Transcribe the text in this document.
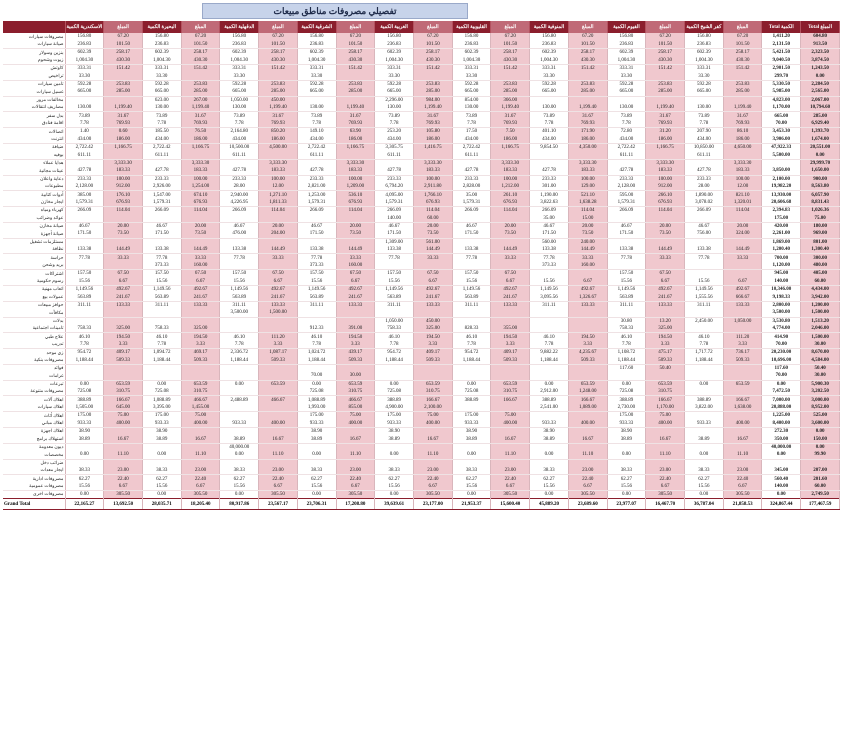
تفصيلي مصروفات مناطق مبيعات
	الاسكندرية الكمية	المبلغ	البحيرة الكمية	المبلغ	الدقهلية الكمية	المبلغ	الشرقية الكمية	المبلغ	الغربية الكمية	المبلغ	القليوبية الكمية	المبلغ	المنوفية الكمية	المبلغ	الفيوم الكمية	المبلغ	كفر الشيخ الكمية	المبلغ	Total الكمية	Total المبلغ
مصروفات سيارات	156.80	67.20	156.80	67.20	156.80	67.20	156.80	67.20	156.80	67.20	156.80	67.20	156.80	67.20	156.80	67.20	156.80	67.20	1,411.20	604.80
صيانة سيارات	236.83	101.50	236.83	101.50	236.83	101.50	236.83	101.50	236.83	101.50	236.83	101.50	236.83	101.50	236.83	101.50	236.83	101.50	2,131.50	913.50
بنزين وسولار	602.39	258.17	602.39	258.17	602.39	258.17	602.39	258.17	602.39	258.17	602.39	258.17	602.39	258.17	602.39	258.17	602.39	258.17	5,421.50	2,323.50
زيوت وشحوم	1,004.30	430.30	1,004.30	430.30	1,004.30	430.30	1,004.30	430.30	1,004.30	430.30	1,004.30	430.30	1,004.30	430.30	1,004.30	430.30	1,004.30	430.30	9,040.50	3,874.50
كاوتش	333.31	151.42	333.31	151.42	333.31	151.42	333.31	151.42	333.31	151.42	333.31	151.42	333.31	151.42	333.31	151.42	333.31	151.42	2,901.50	1,243.50
تراخيص	33.30		33.30		33.30		33.30		33.30		33.30		33.30		33.30		33.30		299.70	0.00
تأمين سيارات	592.28	253.83	592.28	253.83	592.28	253.83	592.28	253.83	592.28	253.83	592.28	253.83	592.28	253.83	592.28	253.83	592.28	253.83	5,330.50	2,284.50
غسيل سيارات	665.00	285.00	665.00	285.00	665.00	285.00	665.00	285.00	665.00	285.00	665.00	285.00	665.00	285.00	665.00	285.00	665.00	285.00	5,985.00	2,565.00
مخالفات مرور			623.00	267.00	1,050.00	450.00			2,296.00	984.00	854.00	366.00							4,823.00	2,067.00
مصاريف انتقالات	130.00	1,199.40	130.00	1,199.40	130.00	1,199.40	130.00	1,199.40	130.00	1,199.40	130.00	1,199.40	130.00	1,199.40	130.00	1,199.40	130.00	1,199.40	1,170.00	10,794.60
بدل سفر	73.89	31.67	73.89	31.67	73.89	31.67	73.89	31.67	73.89	31.67	73.89	31.67	73.89	31.67	73.89	31.67	73.89	31.67	665.00	285.00
اقامة فنادق	7.78	769.93	7.78	769.93	7.78	769.93	7.78	769.93	7.78	769.93	7.78	769.93	7.78	769.93	7.78	769.93	7.78	769.93	70.00	6,929.40
اتصالات	1.40	0.60	185.50	76.50	2,164.80	850.20	149.10	63.90	253.20	105.80	17.50	7.50	401.10	171.90	72.80	31.20	207.90	86.10	3,453.30	1,393.70
انترنت	434.00	186.00	434.00	186.00	434.00	186.00	434.00	186.00	434.00	186.00	434.00	186.00	434.00	186.00	434.00	186.00	434.00	186.00	3,906.00	1,674.00
ضيافة	2,722.42	1,166.75	2,722.42	1,166.75	10,500.00	4,500.00	2,722.42	1,166.75	3,305.75	1,416.75	2,722.42	1,166.75	9,854.50	4,350.00	2,722.42	1,166.75	10,850.00	4,650.00	47,922.33	20,551.00
بوفيه	611.11		611.11		611.11		611.11		611.11		611.11				611.11		611.11		5,500.00	0.00
هدايا عملاء		3,333.30		3,333.30		3,333.30		3,333.30		3,333.30		3,333.30		3,333.30		3,333.30		3,333.30		29,999.70
عينات مجانية	427.78	183.33	427.78	183.33	427.78	183.33	427.78	183.33	427.78	183.33	427.78	183.33	427.78	183.33	427.78	183.33	427.78	183.33	3,850.00	1,650.00
دعاية واعلان	233.33	100.00	233.33	100.00	233.33	100.00	233.33	100.00	233.33	100.00	233.33	100.00	233.33	100.00	233.33	100.00	233.33	100.00	2,100.00	900.00
مطبوعات	2,128.00	912.00	2,926.00	1,254.00	28.00	12.00	2,821.00	1,209.00	6,794.20	2,911.80	2,828.00	1,212.00	301.00	129.00	2,128.00	912.00	28.00	12.00	19,982.20	8,563.80
أدوات كتابية	385.00	176.10	1,547.00	674.10	2,940.00	1,271.10	1,253.00	536.10	4,095.00	1,766.10	35.00	261.10	1,190.00	521.10	595.00	266.10	1,890.00	821.10	13,930.00	6,057.90
ايجار مخازن	1,579.31	676.93	1,579.31	676.93	4,226.95	1,811.33	1,579.31	676.93	1,579.31	676.93	1,579.31	676.93	3,822.63	1,638.28	1,579.31	676.93	3,078.02	1,320.01	20,606.68	8,831.43
كهرباء ومياه	266.09	114.04	266.09	114.04	266.09	114.04	266.09	114.04	266.09	114.04	266.09	114.04	266.09	114.04	266.09	114.04	266.09	114.04	2,394.83	1,026.36
عوائد وضرائب									140.00	60.00			35.00	15.00					175.00	75.00
صيانة مخازن	46.67	20.00	46.67	20.00	46.67	20.00	46.67	20.00	46.67	20.00	46.67	20.00	46.67	20.00	46.67	20.00	46.67	20.00	420.00	180.00
صيانة أجهزة	171.50	73.50	171.50	73.50	476.00	204.00	171.50	73.50	171.50	73.50	171.50	73.50	171.50	73.50	171.50	73.50	756.00	324.00	2,261.00	969.00
مستلزمات تشغيل									1,309.00	561.00			560.00	240.00					1,869.00	801.00
نظافة	133.38	144.49	133.38	144.49	133.38	144.49	133.38	144.49	133.38	144.49	133.38	144.49	133.38	144.49	133.38	144.49	133.38	144.49	1,200.40	1,300.40
حراسة	77.78	33.33	77.78	33.33	77.78	33.33	77.78	33.33	77.78	33.33	77.78	33.33	77.78	33.33	77.78	33.33	77.78	33.33	700.00	300.00
بريد وشحن			373.33	160.00			373.33	160.00					373.33	160.00					1,120.00	480.00
اشتراكات	157.50	67.50	157.50	67.50	157.50	67.50	157.50	67.50	157.50	67.50	157.50	67.50			157.50	67.50			945.00	405.00
رسوم حكومية	15.56	6.67	15.56	6.67	15.56	6.67	15.56	6.67	15.56	6.67	15.56	6.67	15.56	6.67	15.56	6.67	15.56	6.67	140.00	60.00
اتعاب مهنية	1,149.56	492.67	1,149.56	492.67	1,149.56	492.67	1,149.56	492.67	1,149.56	492.67	1,149.56	492.67	1,149.56	492.67	1,149.56	492.67	1,149.56	492.67	10,346.00	4,434.00
عمولات بيع	563.89	241.67	563.89	241.67	563.89	241.67	563.89	241.67	563.89	241.67	563.89	241.67	3,095.56	1,326.67	563.89	241.67	1,555.56	666.67	9,198.33	3,942.00
حوافز مبيعات	311.11	133.33	311.11	133.33	311.11	133.33	311.11	133.33	311.11	133.33	311.11	133.33	311.11	133.33	311.11	133.33	311.11	133.33	2,800.00	1,200.00
مكافآت					3,500.00	1,500.00													3,500.00	1,500.00
بدلات									1,050.00	450.00					30.80	13.20	2,450.00	1,050.00	3,530.80	1,513.20
تأمينات اجتماعية	758.33	325.00	758.33	325.00			912.33	391.00	758.33	325.00	828.33	355.00			758.33	325.00			4,774.00	2,046.00
علاج طبي	46.10	194.50	46.10	194.50	46.10	111.20	46.10	194.50	46.10	194.50	46.10	194.50	46.10	194.50	46.10	194.50	46.10	111.20	414.90	1,500.00
تدريب	7.78	3.33	7.78	3.33	7.78	3.33	7.78	3.33	7.78	3.33	7.78	3.33	7.78	3.33	7.78	3.33	7.78	3.33	70.00	30.00
زي موحد	954.72	409.17	1,094.72	469.17	2,336.72	1,087.17	1,024.72	439.17	954.72	409.17	954.72	409.17	9,882.22	4,235.67	1,108.72	475.17	1,717.72	736.17	20,230.00	8,670.00
مصروفات بنكية	1,188.44	509.33	1,188.44	509.33	1,188.44	509.33	1,188.44	509.33	1,188.44	509.33	1,188.44	509.33	1,188.44	509.33	1,188.44	509.33	1,188.44	509.33	10,696.00	4,584.00
فوائد															117.60	50.40			117.60	50.40
غرامات							70.00	30.00											70.00	30.00
تبرعات	0.00	653.59	0.00	653.59	0.00	653.59	0.00	653.59	0.00	653.59	0.00	653.59	0.00	653.59	0.00	653.59	0.00	653.59	0.00	5,900.30
مصروفات متنوعة	725.08	310.75	725.08	310.75			725.08	310.75	725.08	310.75	725.08	310.75	2,912.00	1,248.00	725.08	310.75			7,472.50	3,202.50
اهلاك آلات	388.89	166.67	1,088.89	466.67	2,488.89	466.67	1,088.89	466.67	388.89	166.67	388.89	166.67	388.89	166.67	388.89	166.67	388.89	166.67	7,000.00	3,000.00
اهلاك سيارات	1,505.00	645.00	3,395.00	1,455.00			1,993.00	855.00	4,900.00	2,100.00			2,541.00	1,089.00	2,730.00	1,170.00	3,822.00	1,638.00	20,888.00	8,952.00
اهلاك أثاث	175.00	75.00	175.00	75.00			175.00	75.00	175.00	75.00	175.00	75.00			175.00	75.00			1,225.00	525.00
اهلاك مباني	933.33	400.00	933.33	400.00	933.33	400.00	933.33	400.00	933.33	400.00	933.33	400.00	933.33	400.00	933.33	400.00	933.33	400.00	8,400.00	3,600.00
اهلاك أجهزة	38.90		38.90				38.90		38.90		38.90		38.90		38.90				272.30	0.00
استهلاك برامج	38.89	16.67	38.89	16.67	38.89	16.67	38.89	16.67	38.89	16.67	38.89	16.67	38.89	16.67	38.89	16.67	38.89	16.67	350.00	150.00
ديون معدومة					40,000.00														40,000.00	0.00
مخصصات	0.00	11.10	0.00	11.10	0.00	11.10	0.00	11.10	0.00	11.10	0.00	11.10	0.00	11.10	0.00	11.10	0.00	11.10	0.00	99.90
ضرائب دخل																				
ايجار معدات	38.33	23.00	38.33	23.00	38.33	23.00	38.33	23.00	38.33	23.00	38.33	23.00	38.33	23.00	38.33	23.00	38.33	23.00	345.00	207.00
مصروفات ادارية	62.27	22.40	62.27	22.40	62.27	22.40	62.27	22.40	62.27	22.40	62.27	22.40	62.27	22.40	62.27	22.40	62.27	22.40	560.40	201.60
مصروفات عمومية	15.56	6.67	15.56	6.67	15.56	6.67	15.56	6.67	15.56	6.67	15.56	6.67	15.56	6.67	15.56	6.67	15.56	6.67	140.00	60.00
مصروفات أخرى	0.00	305.50	0.00	305.50	0.00	305.50	0.00	305.50	0.00	305.50	0.00	305.50	0.00	305.50	0.00	305.50	0.00	305.50	0.00	2,749.50
Grand Total	22,165.27	13,692.50	28,035.71	18,205.40	80,917.86	23,567.17	23,706.31	17,208.80	39,639.61	23,177.00	21,953.37	15,600.40	45,889.20	23,689.60	23,977.07	16,467.70	36,787.04	21,858.53	324,867.44	177,467.59
